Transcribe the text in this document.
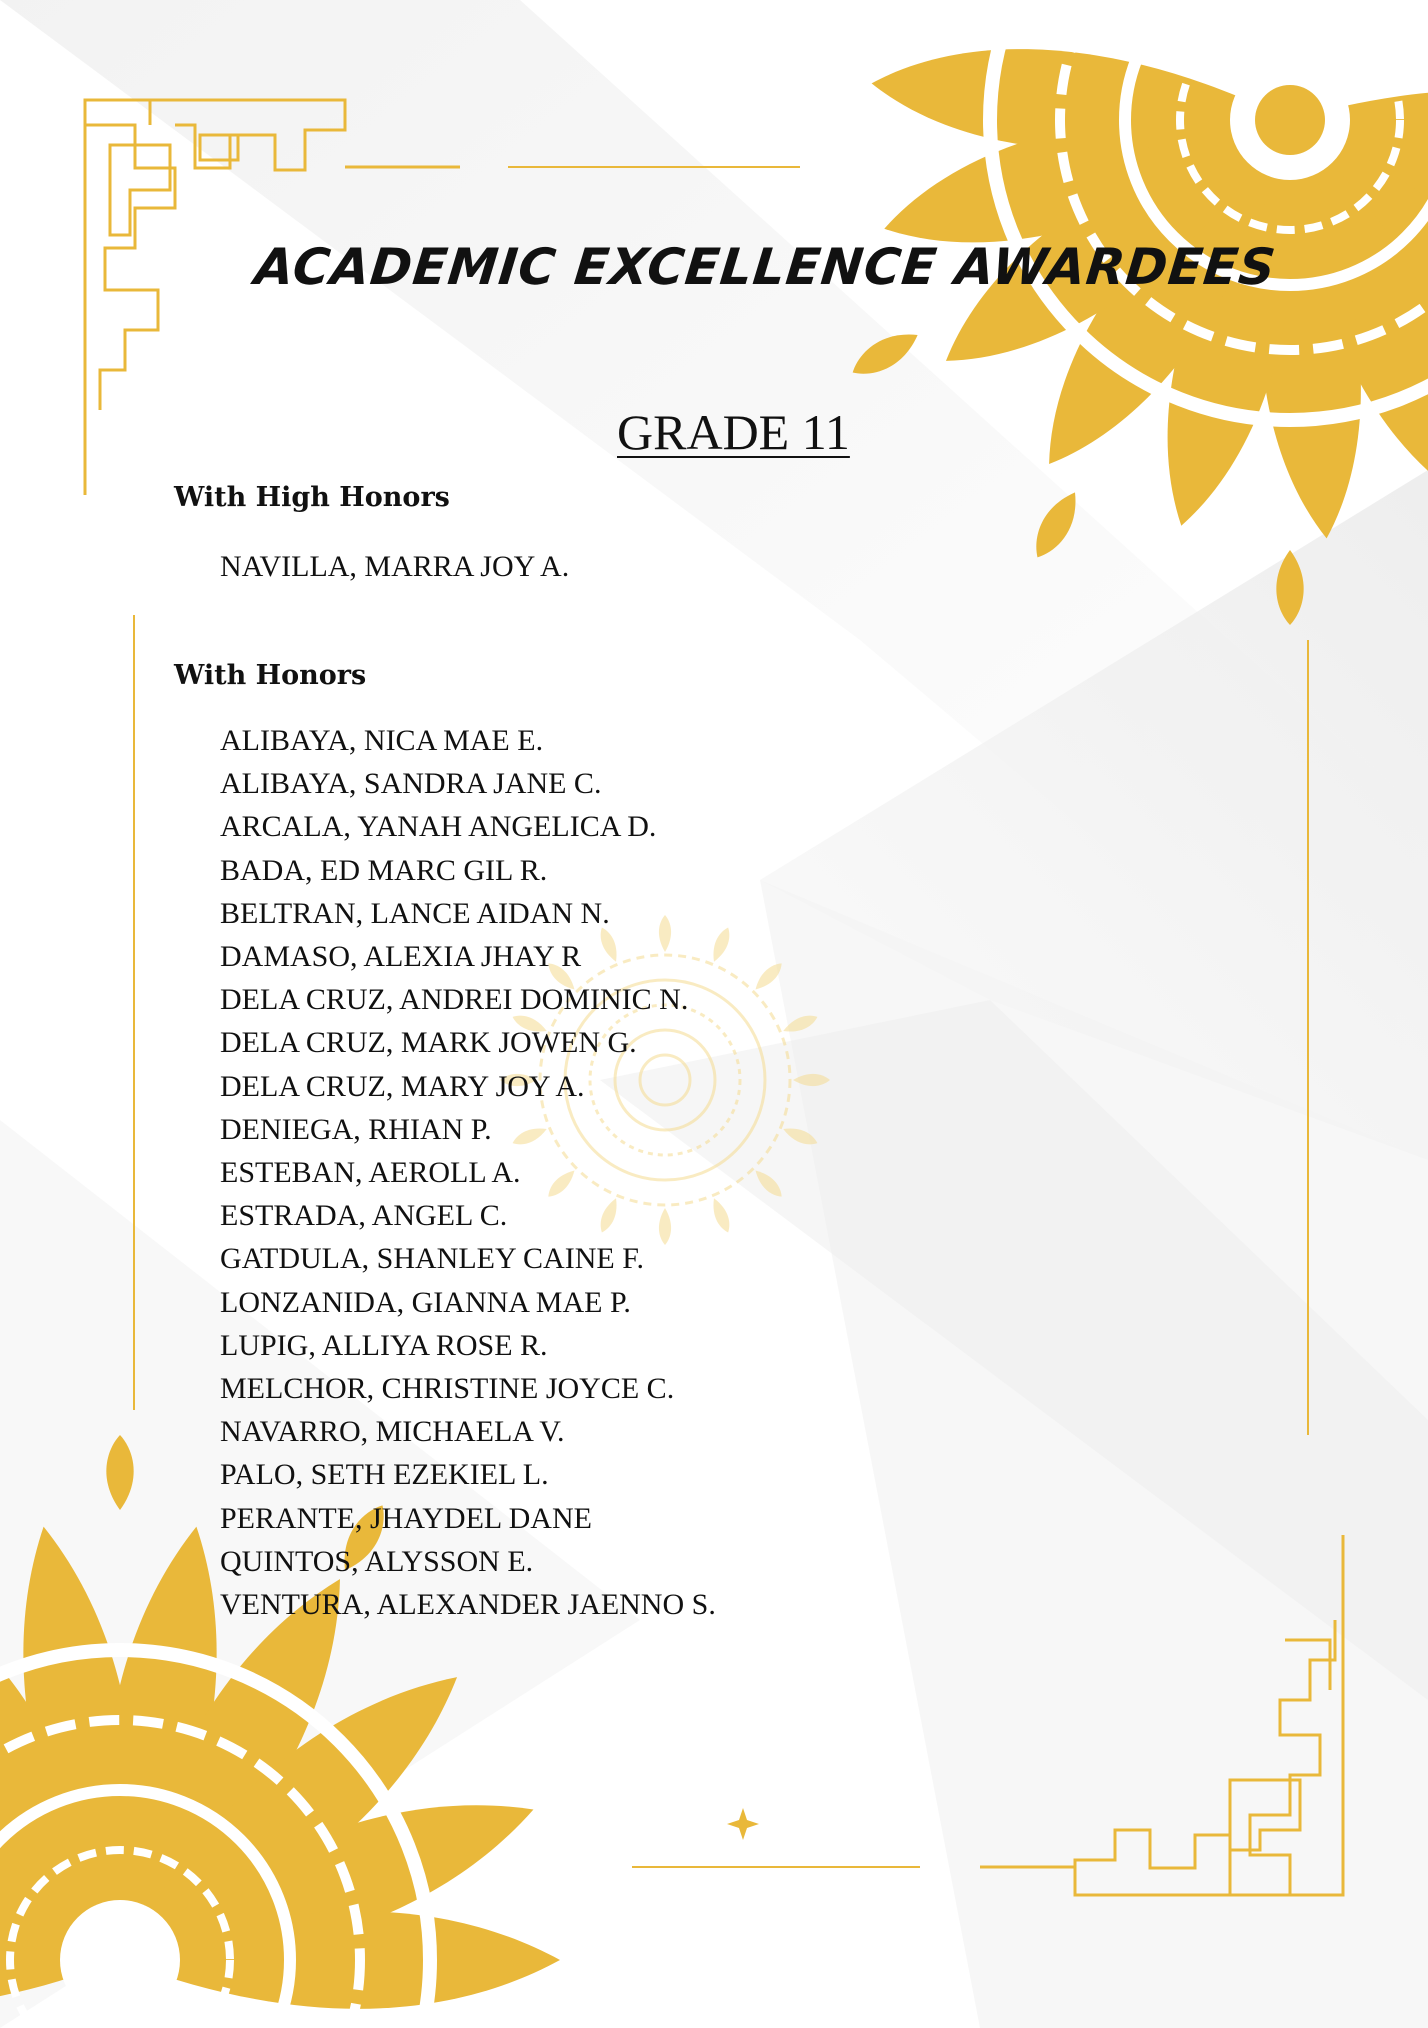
ACADEMIC EXCELLENCE AWARDEES
GRADE 11
With High Honors
NAVILLA, MARRA JOY A.
With Honors
ALIBAYA, NICA MAE E.
ALIBAYA, SANDRA JANE C.
ARCALA, YANAH ANGELICA D.
BADA, ED MARC GIL R.
BELTRAN, LANCE AIDAN N.
DAMASO, ALEXIA JHAY R
DELA CRUZ, ANDREI DOMINIC N.
DELA CRUZ, MARK JOWEN G.
DELA CRUZ, MARY JOY A.
DENIEGA, RHIAN P.
ESTEBAN, AEROLL A.
ESTRADA, ANGEL C.
GATDULA, SHANLEY CAINE F.
LONZANIDA, GIANNA MAE P.
LUPIG, ALLIYA ROSE R.
MELCHOR, CHRISTINE JOYCE C.
NAVARRO, MICHAELA V.
PALO, SETH EZEKIEL L.
PERANTE, JHAYDEL DANE
QUINTOS, ALYSSON E.
VENTURA, ALEXANDER JAENNO S.
